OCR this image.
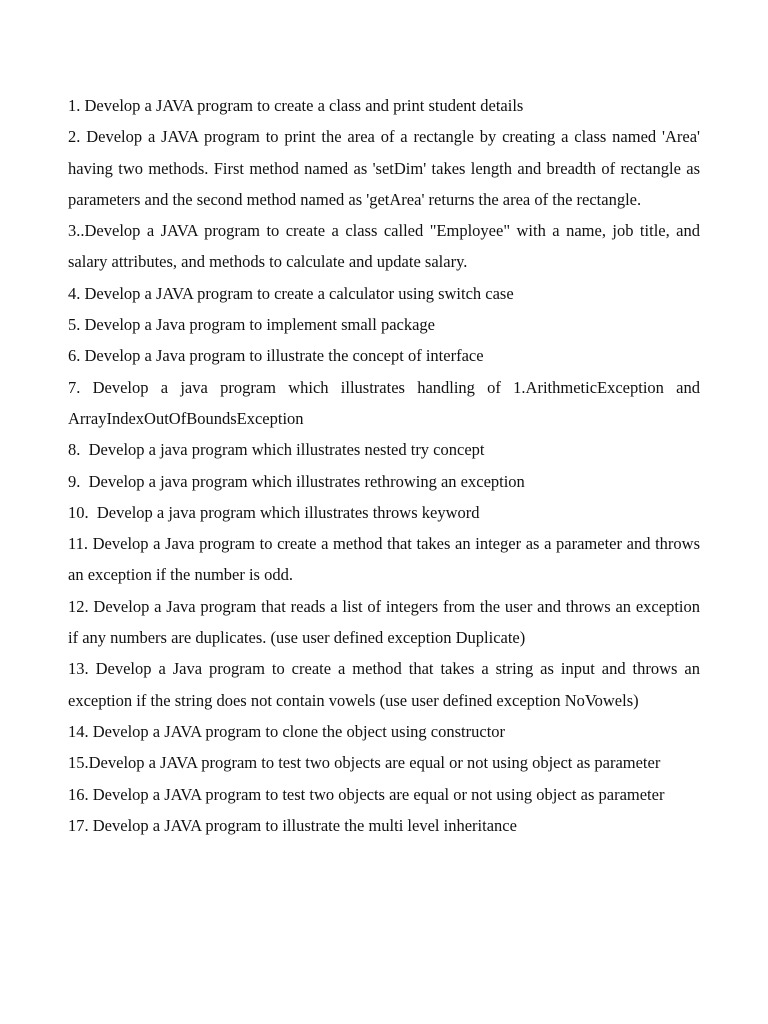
1. Develop a JAVA program to create a class and print student details

2. Develop a JAVA program to print the area of a rectangle by creating a class named 'Area' having two methods. First method named as 'setDim' takes length and breadth of rectangle as parameters and the second method named as 'getArea' returns the area of the rectangle.

3..Develop a JAVA program to create a class called "Employee" with a name, job title, and salary attributes, and methods to calculate and update salary.

4. Develop a JAVA program to create a calculator using switch case

5. Develop a Java program to implement small package

6. Develop a Java program to illustrate the concept of interface

7. Develop a java program which illustrates handling of 1.ArithmeticException and ArrayIndexOutOfBoundsException

8.  Develop a java program which illustrates nested try concept

9.  Develop a java program which illustrates rethrowing an exception

10.  Develop a java program which illustrates throws keyword

11. Develop a Java program to create a method that takes an integer as a parameter and throws an exception if the number is odd.

12. Develop a Java program that reads a list of integers from the user and throws an exception if any numbers are duplicates. (use user defined exception Duplicate)

13. Develop a Java program to create a method that takes a string as input and throws an exception if the string does not contain vowels (use user defined exception NoVowels)

14. Develop a JAVA program to clone the object using constructor

15.Develop a JAVA program to test two objects are equal or not using object as parameter

16. Develop a JAVA program to test two objects are equal or not using object as parameter

17. Develop a JAVA program to illustrate the multi level inheritance
